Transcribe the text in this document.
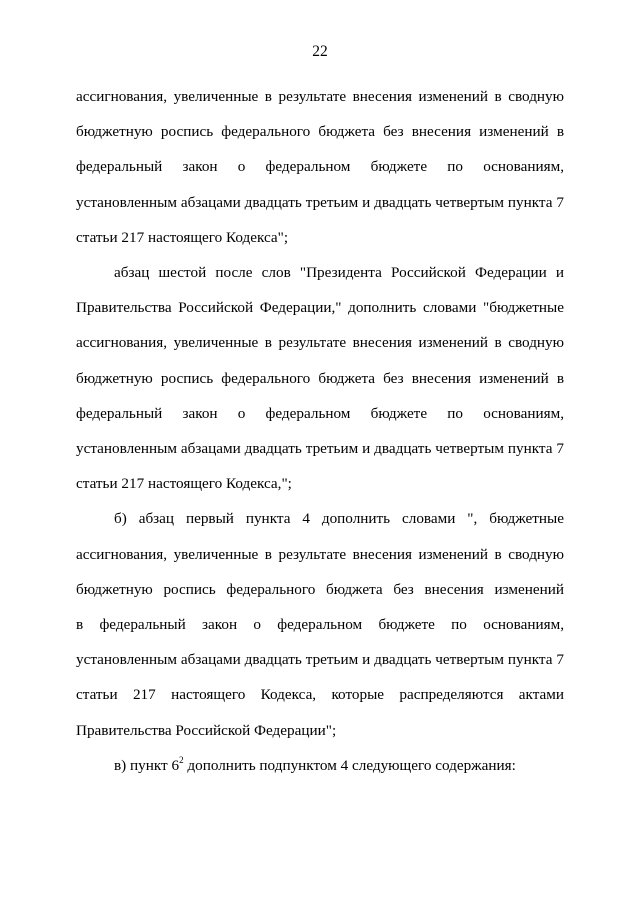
22

ассигнования, увеличенные в результате внесения изменений в сводную
бюджетную роспись федерального бюджета без внесения изменений в
федеральный закон о федеральном бюджете по основаниям,
установленным абзацами двадцать третьим и двадцать четвертым пункта 7
статьи 217 настоящего Кодекса";

абзац шестой после слов "Президента Российской Федерации и
Правительства Российской Федерации," дополнить словами "бюджетные
ассигнования, увеличенные в результате внесения изменений в сводную
бюджетную роспись федерального бюджета без внесения изменений в
федеральный закон о федеральном бюджете по основаниям,
установленным абзацами двадцать третьим и двадцать четвертым пункта 7
статьи 217 настоящего Кодекса,";

б) абзац первый пункта 4 дополнить словами ", бюджетные
ассигнования, увеличенные в результате внесения изменений в сводную
бюджетную роспись федерального бюджета без внесения изменений
в федеральный закон о федеральном бюджете по основаниям,
установленным абзацами двадцать третьим и двадцать четвертым пункта 7
статьи 217 настоящего Кодекса, которые распределяются актами
Правительства Российской Федерации";

в) пункт $6^2$ дополнить подпунктом 4 следующего содержания:
